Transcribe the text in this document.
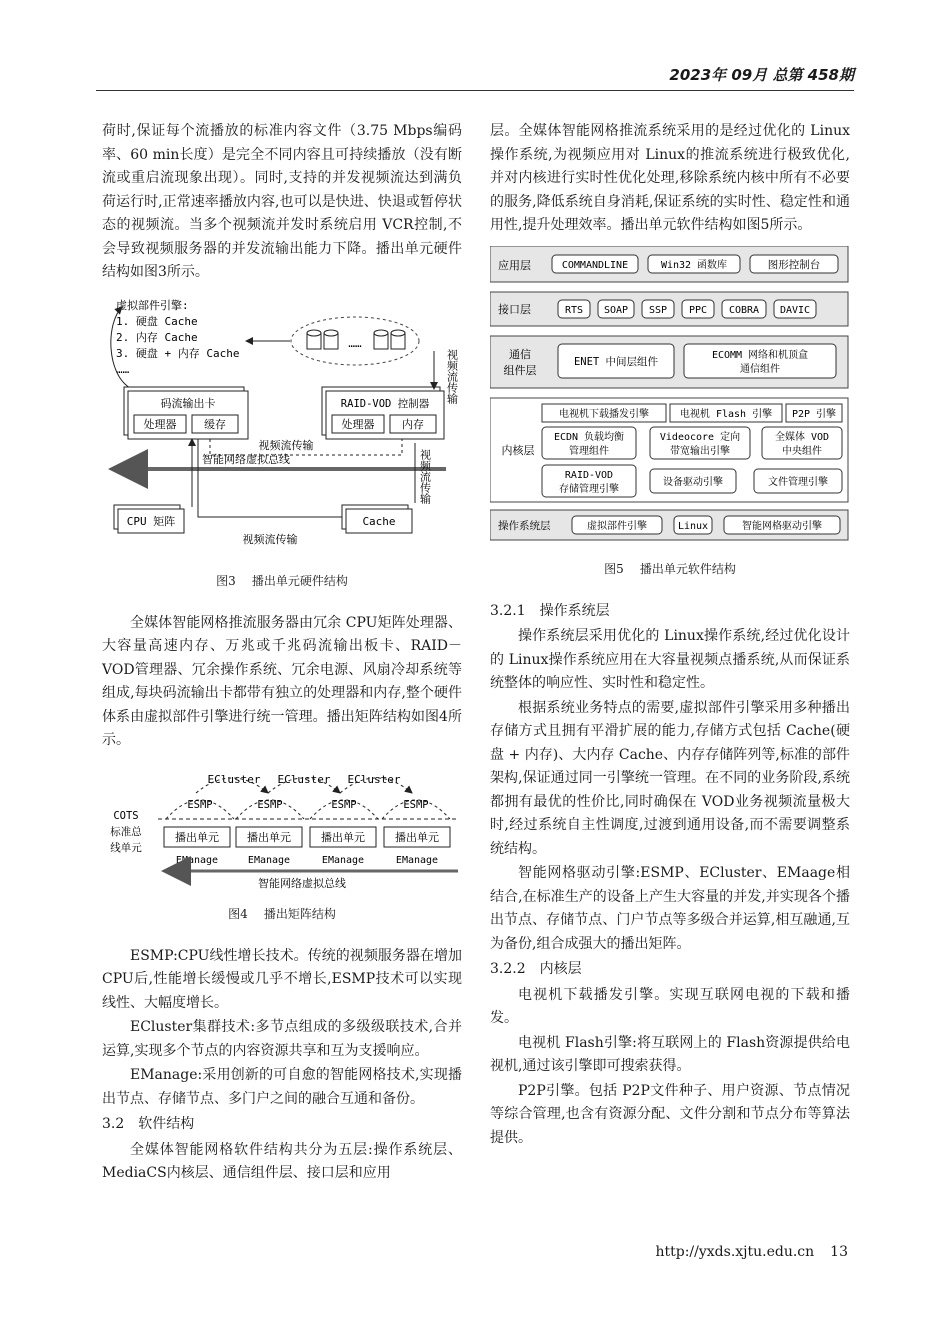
2023年 09月 总第 458期

荷时,保证每个流播放的标准内容文件（3.75 Mbps编码率、60 min长度）是完全不同内容且可持续播放（没有断流或重启流现象出现）。同时,支持的并发视频流达到满负荷运行时,正常速率播放内容,也可以是快进、快退或暂停状态的视频流。当多个视频流并发时系统启用 VCR控制,不会导致视频服务器的并发流输出能力下降。播出单元硬件结构如图3所示。

虚拟部件引擎:
1. 硬盘 Cache
2. 内存 Cache
3. 硬盘 + 内存 Cache
……
码流输出卡
处理器	缓存
RAID-VOD 控制器
处理器	内存
……
视频流传输
视频流传输
智能网络虚拟总线	视频流传输
CPU 矩阵	Cache
视频流传输
图3 播出单元硬件结构

全媒体智能网格推流服务器由冗余 CPU矩阵处理器、大容量高速内存、万兆或千兆码流输出板卡、RAID－VOD管理器、冗余操作系统、冗余电源、风扇冷却系统等组成,每块码流输出卡都带有独立的处理器和内存,整个硬件体系由虚拟部件引擎进行统一管理。播出矩阵结构如图4所示。

ECluster ECluster ECluster
ESMP	ESMP	ESMP	ESMP
COTS
标准总
线单元
播出单元	播出单元	播出单元	播出单元
EManage	EManage	EManage	EManage
智能网络虚拟总线
图4 播出矩阵结构

ESMP:CPU线性增长技术。传统的视频服务器在增加 CPU后,性能增长缓慢或几乎不增长,ESMP技术可以实现线性、大幅度增长。

ECluster集群技术:多节点组成的多级级联技术,合并运算,实现多个节点的内容资源共享和互为支援响应。

EManage:采用创新的可自愈的智能网格技术,实现播出节点、存储节点、多门户之间的融合互通和备份。

3.2 软件结构

全媒体智能网格软件结构共分为五层:操作系统层、MediaCS内核层、通信组件层、接口层和应用

层。全媒体智能网格推流系统采用的是经过优化的 Linux操作系统,为视频应用对 Linux的推流系统进行极致优化,并对内核进行实时性优化处理,移除系统内核中所有不必要的服务,降低系统自身消耗,保证系统的实时性、稳定性和通用性,提升处理效率。播出单元软件结构如图5所示。

应用层	COMMANDLINE	Win32 函数库	图形控制台
接口层	RTS SOAP SSP PPC COBRA DAVIC
通信
组件层
ENET 中间层组件
ECOMM 网络和机顶盒
通信组件
内核层
电视机下载播发引擎	电视机 Flash 引擎 P2P 引擎
ECDN 负载均衡
管理组件
Videocore 定向
带宽输出引擎
全媒体 VOD
中央组件
RAID-VOD
存储管理引擎
设备驱动引擎	文件管理引擎
操作系统层	虚拟部件引擎	Linux	智能网格驱动引擎
图5 播出单元软件结构
3.2.1 操作系统层

操作系统层采用优化的 Linux操作系统,经过优化设计的 Linux操作系统应用在大容量视频点播系统,从而保证系统整体的响应性、实时性和稳定性。

根据系统业务特点的需要,虚拟部件引擎采用多种播出存储方式且拥有平滑扩展的能力,存储方式包括 Cache(硬盘 + 内存)、大内存 Cache、内存存储阵列等,标准的部件架构,保证通过同一引擎统一管理。在不同的业务阶段,系统都拥有最优的性价比,同时确保在 VOD业务视频流量极大时,经过系统自主性调度,过渡到通用设备,而不需要调整系统结构。

智能网格驱动引擎:ESMP、ECluster、EMaage相结合,在标准生产的设备上产生大容量的并发,并实现各个播出节点、存储节点、门户节点等多级合并运算,相互融通,互为备份,组合成强大的播出矩阵。

3.2.2 内核层

电视机下载播发引擎。实现互联网电视的下载和播发。

电视机 Flash引擎:将互联网上的 Flash资源提供给电视机,通过该引擎即可搜索获得。

P2P引擎。包括 P2P文件种子、用户资源、节点情况等综合管理,也含有资源分配、文件分割和节点分布等算法提供。

http://yxds.xjtu.edu.cn 13
